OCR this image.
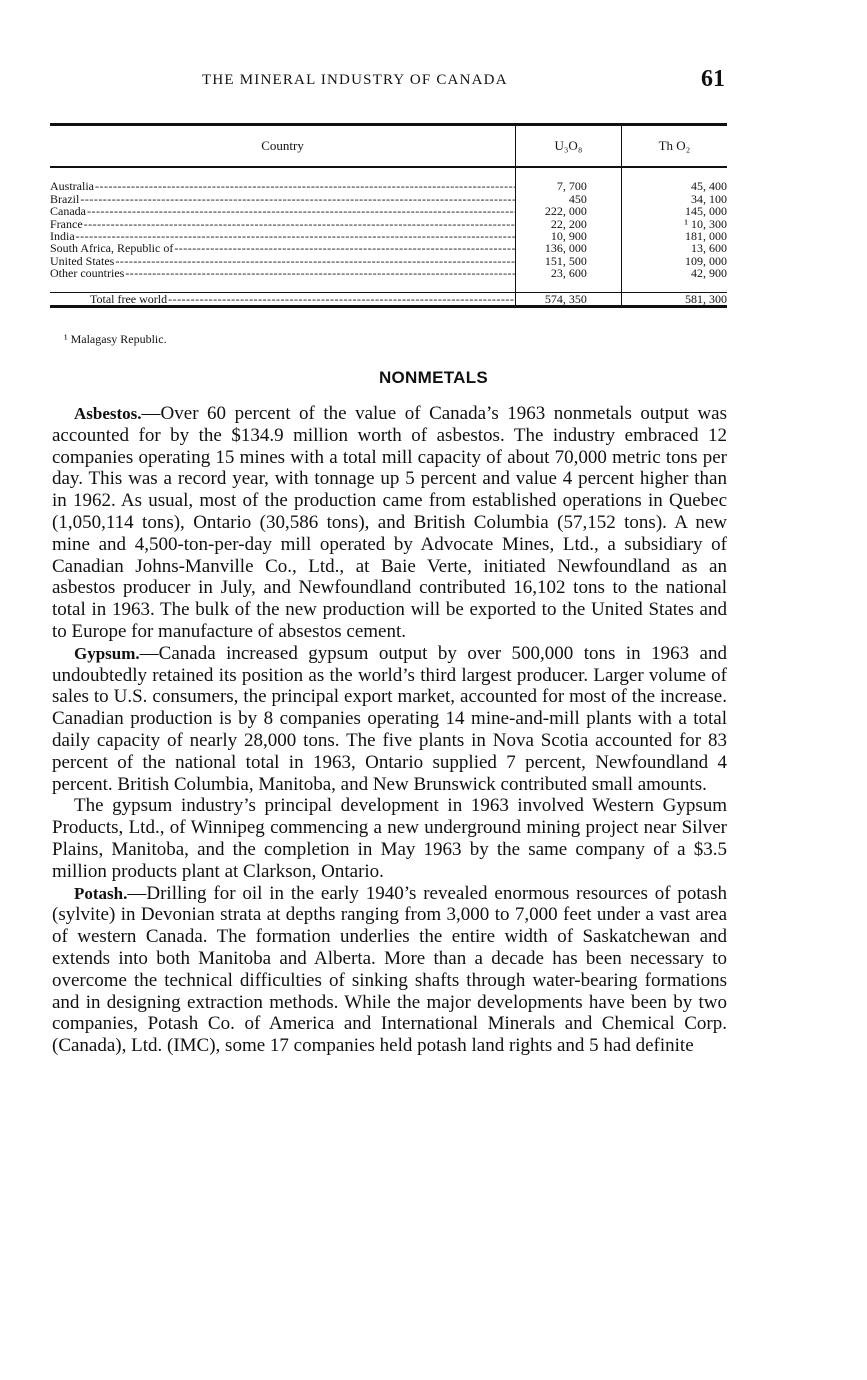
THE MINERAL INDUSTRY OF CANADA	61
Country	U₃O₈	Th O₂

Australia -----	7, 700	45, 400

Brazil -----	450	34, 100

Canada -----	222, 000	145, 000

France -----	22, 200	¹ 10, 300

India -----	10, 900	181, 000

South Africa, Republic of -----	136, 000	13, 600

United States -----	151, 500	109, 000

Other countries -----	23, 600	42, 900

Total free world -----	574, 350	581, 300
¹ Malagasy Republic.
NONMETALS

Asbestos.—Over 60 percent of the value of Canada’s 1963 nonmetals output was accounted for by the $134.9 million worth of asbestos. The industry embraced 12 companies operating 15 mines with a total mill capacity of about 70,000 metric tons per day. This was a record year, with tonnage up 5 percent and value 4 percent higher than in 1962. As usual, most of the production came from established operations in Quebec (1,050,114 tons), Ontario (30,586 tons), and British Columbia (57,152 tons). A new mine and 4,500-ton-per-day mill operated by Advocate Mines, Ltd., a subsidiary of Canadian Johns-Manville Co., Ltd., at Baie Verte, initiated Newfoundland as an asbestos producer in July, and Newfoundland contributed 16,102 tons to the national total in 1963. The bulk of the new production will be exported to the United States and to Europe for manufacture of absestos cement.

Gypsum.—Canada increased gypsum output by over 500,000 tons in 1963 and undoubtedly retained its position as the world’s third largest producer. Larger volume of sales to U.S. consumers, the principal export market, accounted for most of the increase. Canadian production is by 8 companies operating 14 mine-and-mill plants with a total daily capacity of nearly 28,000 tons. The five plants in Nova Scotia accounted for 83 percent of the national total in 1963, Ontario supplied 7 percent, Newfoundland 4 percent. British Columbia, Manitoba, and New Brunswick contributed small amounts.

The gypsum industry’s principal development in 1963 involved Western Gypsum Products, Ltd., of Winnipeg commencing a new underground mining project near Silver Plains, Manitoba, and the completion in May 1963 by the same company of a $3.5 million products plant at Clarkson, Ontario.

Potash.—Drilling for oil in the early 1940’s revealed enormous resources of potash (sylvite) in Devonian strata at depths ranging from 3,000 to 7,000 feet under a vast area of western Canada. The formation underlies the entire width of Saskatchewan and extends into both Manitoba and Alberta. More than a decade has been necessary to overcome the technical difficulties of sinking shafts through water-bearing formations and in designing extraction methods. While the major developments have been by two companies, Potash Co. of America and International Minerals and Chemical Corp. (Canada), Ltd. (IMC), some 17 companies held potash land rights and 5 had definite
